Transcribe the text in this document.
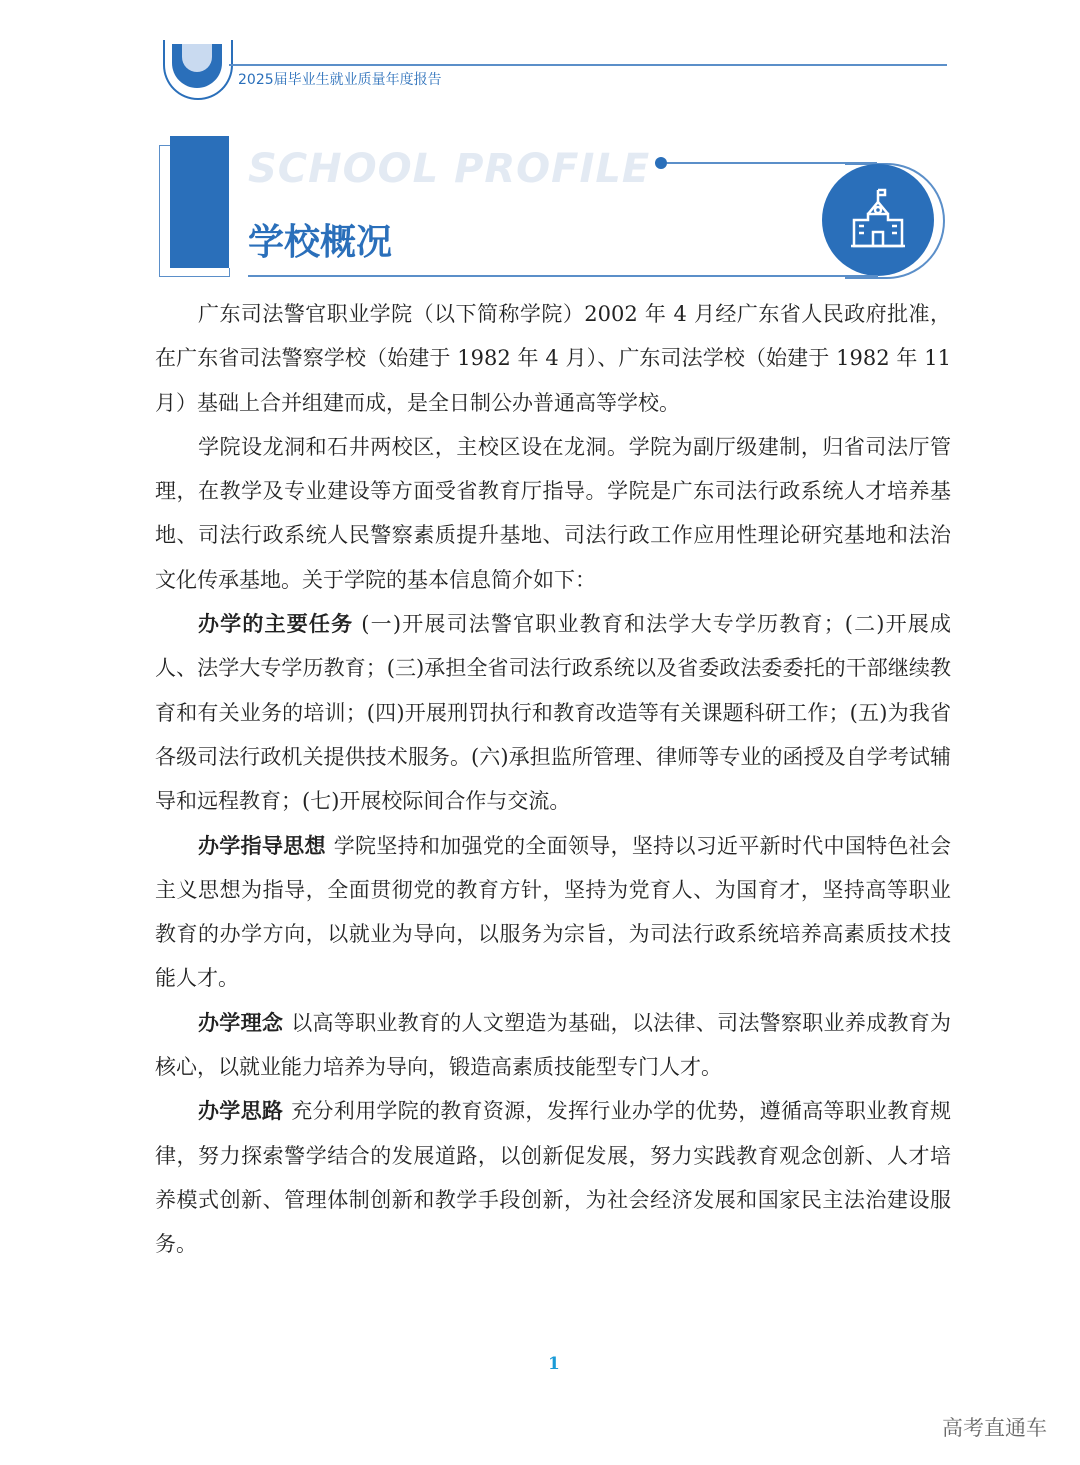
2025届毕业生就业质量年度报告
SCHOOL PROFILE
学校概况

广东司法警官职业学院（以下简称学院）2002 年 4 月经广东省人民政府批准，在广东省司法警察学校（始建于 1982 年 4 月）、广东司法学校（始建于 1982 年 11 月）基础上合并组建而成，是全日制公办普通高等学校。

学院设龙洞和石井两校区，主校区设在龙洞。学院为副厅级建制，归省司法厅管理，在教学及专业建设等方面受省教育厅指导。学院是广东司法行政系统人才培养基地、司法行政系统人民警察素质提升基地、司法行政工作应用性理论研究基地和法治文化传承基地。关于学院的基本信息简介如下：

办学的主要任务 (一)开展司法警官职业教育和法学大专学历教育；(二)开展成人、法学大专学历教育；(三)承担全省司法行政系统以及省委政法委委托的干部继续教育和有关业务的培训；(四)开展刑罚执行和教育改造等有关课题科研工作；(五)为我省各级司法行政机关提供技术服务。(六)承担监所管理、律师等专业的函授及自学考试辅导和远程教育；(七)开展校际间合作与交流。

办学指导思想 学院坚持和加强党的全面领导，坚持以习近平新时代中国特色社会主义思想为指导，全面贯彻党的教育方针，坚持为党育人、为国育才，坚持高等职业教育的办学方向，以就业为导向，以服务为宗旨，为司法行政系统培养高素质技术技能人才。

办学理念 以高等职业教育的人文塑造为基础，以法律、司法警察职业养成教育为核心，以就业能力培养为导向，锻造高素质技能型专门人才。

办学思路 充分利用学院的教育资源，发挥行业办学的优势，遵循高等职业教育规律，努力探索警学结合的发展道路，以创新促发展，努力实践教育观念创新、人才培养模式创新、管理体制创新和教学手段创新，为社会经济发展和国家民主法治建设服务。

1
高考直通车
